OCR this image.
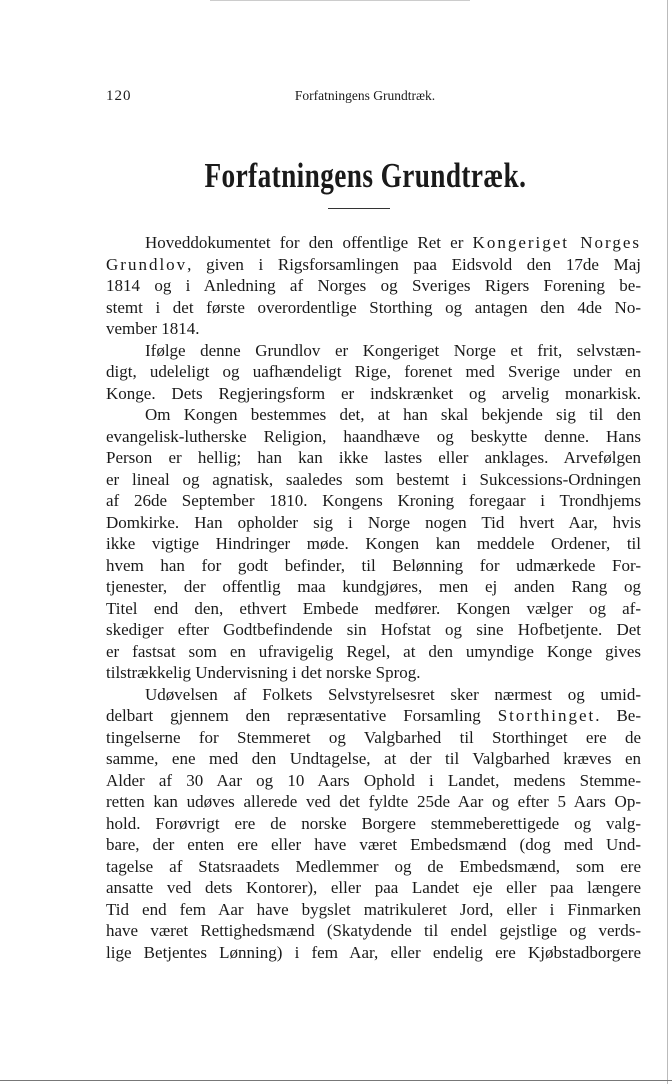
120	Forfatningens Grundtræk.
Forfatningens Grundtræk.
Hoveddokumentet for den offentlige Ret er Kongeriget Norges
Grundlov, given i Rigsforsamlingen paa Eidsvold den 17de Maj
1814 og i Anledning af Norges og Sveriges Rigers Forening be-
stemt i det første overordentlige Storthing og antagen den 4de No-
vember 1814.
Ifølge denne Grundlov er Kongeriget Norge et frit, selvstæn-
digt, udeleligt og uafhændeligt Rige, forenet med Sverige under en
Konge. Dets Regjeringsform er indskrænket og arvelig monarkisk.
Om Kongen bestemmes det, at han skal bekjende sig til den
evangelisk-lutherske Religion, haandhæve og beskytte denne. Hans
Person er hellig; han kan ikke lastes eller anklages. Arvefølgen
er lineal og agnatisk, saaledes som bestemt i Sukcessions-Ordningen
af 26de September 1810. Kongens Kroning foregaar i Trondhjems
Domkirke. Han opholder sig i Norge nogen Tid hvert Aar, hvis
ikke vigtige Hindringer møde. Kongen kan meddele Ordener, til
hvem han for godt befinder, til Belønning for udmærkede For-
tjenester, der offentlig maa kundgjøres, men ej anden Rang og
Titel end den, ethvert Embede medfører. Kongen vælger og af-
skediger efter Godtbefindende sin Hofstat og sine Hofbetjente. Det
er fastsat som en ufravigelig Regel, at den umyndige Konge gives
tilstrækkelig Undervisning i det norske Sprog.
Udøvelsen af Folkets Selvstyrelsesret sker nærmest og umid-
delbart gjennem den repræsentative Forsamling Storthinget. Be-
tingelserne for Stemmeret og Valgbarhed til Storthinget ere de
samme, ene med den Undtagelse, at der til Valgbarhed kræves en
Alder af 30 Aar og 10 Aars Ophold i Landet, medens Stemme-
retten kan udøves allerede ved det fyldte 25de Aar og efter 5 Aars Op-
hold. Forøvrigt ere de norske Borgere stemmeberettigede og valg-
bare, der enten ere eller have været Embedsmænd (dog med Und-
tagelse af Statsraadets Medlemmer og de Embedsmænd, som ere
ansatte ved dets Kontorer), eller paa Landet eje eller paa længere
Tid end fem Aar have bygslet matrikuleret Jord, eller i Finmarken
have været Rettighedsmænd (Skatydende til endel gejstlige og verds-
lige Betjentes Lønning) i fem Aar, eller endelig ere Kjøbstadborgere
